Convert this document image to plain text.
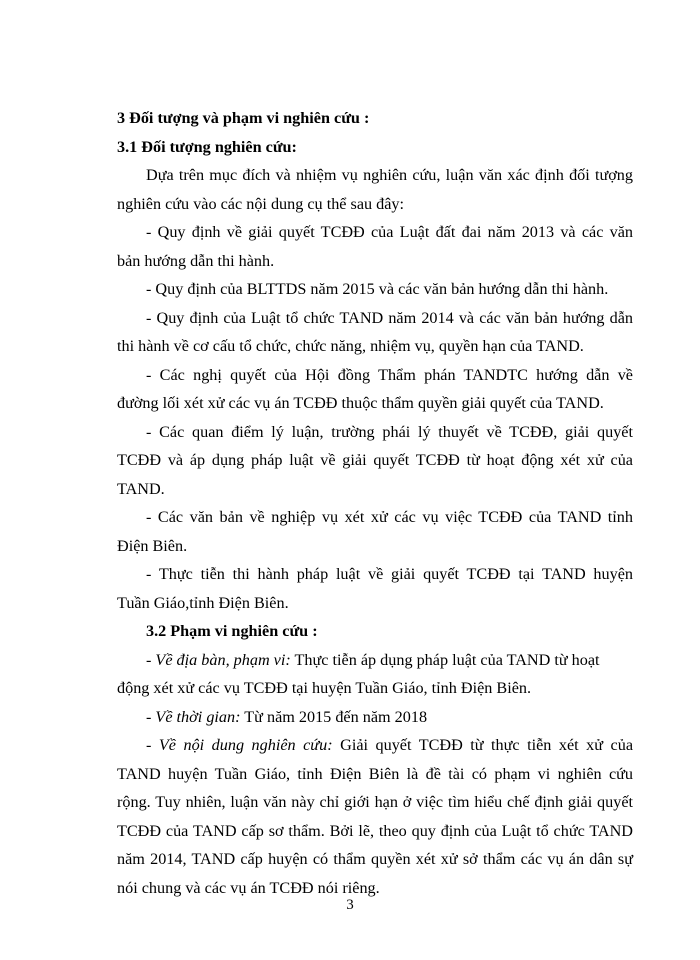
3 Đối tượng và phạm vi nghiên cứu :
3.1 Đối tượng nghiên cứu:
Dựa trên mục đích và nhiệm vụ nghiên cứu, luận văn xác định đối tượng
nghiên cứu vào các nội dung cụ thể sau đây:
- Quy định về giải quyết TCĐĐ của Luật đất đai năm 2013 và các văn
bản hướng dẫn thi hành.
- Quy định của BLTTDS năm 2015 và các văn bản hướng dẫn thi hành.
- Quy định của Luật tổ chức TAND năm 2014 và các văn bản hướng dẫn
thi hành về cơ cấu tổ chức, chức năng, nhiệm vụ, quyền hạn của TAND.
- Các nghị quyết của Hội đồng Thẩm phán TANDTC hướng dẫn về
đường lối xét xử các vụ án TCĐĐ thuộc thẩm quyền giải quyết của TAND.
- Các quan điểm lý luận, trường phái lý thuyết về TCĐĐ, giải quyết
TCĐĐ và áp dụng pháp luật về giải quyết TCĐĐ từ hoạt động xét xử của
TAND.
- Các văn bản về nghiệp vụ xét xử các vụ việc TCĐĐ của TAND tỉnh
Điện Biên.
- Thực tiễn thi hành pháp luật về giải quyết TCĐĐ tại TAND huyện
Tuần Giáo,tỉnh Điện Biên.
3.2 Phạm vi nghiên cứu :
- Về địa bàn, phạm vi: Thực tiễn áp dụng pháp luật của TAND từ hoạt
động xét xử các vụ TCĐĐ tại huyện Tuần Giáo, tỉnh Điện Biên.
- Về thời gian: Từ năm 2015 đến năm 2018
- Về nội dung nghiên cứu: Giải quyết TCĐĐ từ thực tiễn xét xử của
TAND huyện Tuần Giáo, tỉnh Điện Biên là đề tài có phạm vi nghiên cứu
rộng. Tuy nhiên, luận văn này chỉ giới hạn ở việc tìm hiểu chế định giải quyết
TCĐĐ của TAND cấp sơ thẩm. Bởi lẽ, theo quy định của Luật tổ chức TAND
năm 2014, TAND cấp huyện có thẩm quyền xét xử sở thẩm các vụ án dân sự
nói chung và các vụ án TCĐĐ nói riêng.
3
